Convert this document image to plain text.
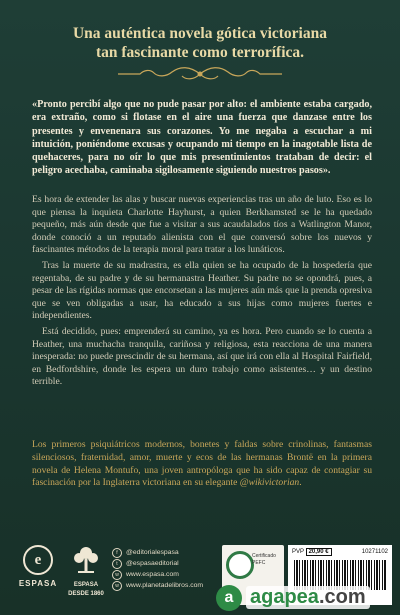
Una auténtica novela gótica victoriana
tan fascinante como terrorífica.
«Pronto percibí algo que no pude pasar por alto: el ambiente estaba cargado, era extraño, como si flotase en el aire una fuerza que danzase entre los presentes y envenenara sus corazones. Yo me negaba a escuchar a mi intuición, poniéndome excusas y ocupando mi tiempo en la inagotable lista de quehaceres, para no oír lo que mis presentimientos trataban de decir: el peligro acechaba, caminaba sigilosamente siguiendo nuestros pasos».

Es hora de extender las alas y buscar nuevas experiencias tras un año de luto. Eso es lo que piensa la inquieta Charlotte Hayhurst, a quien Berkhamsted se le ha quedado pequeño, más aún desde que fue a visitar a sus acaudalados tíos a Watlington Manor, donde conoció a un reputado alienista con el que conversó sobre los nuevos y fascinantes métodos de la terapia moral para tratar a los lunáticos.

Tras la muerte de su madrastra, es ella quien se ha ocupado de la hospedería que regentaba, de su padre y de su hermanastra Heather. Su padre no se opondrá, pues, a pesar de las rígidas normas que encorsetan a las mujeres aún más que la prenda opresiva que se ven obligadas a usar, ha educado a sus hijas como mujeres fuertes e independientes.

Está decidido, pues: emprenderá su camino, ya es hora. Pero cuando se lo cuenta a Heather, una muchacha tranquila, cariñosa y religiosa, esta reacciona de una manera inesperada: no puede prescindir de su hermana, así que irá con ella al Hospital Fairfield, en Bedfordshire, donde les espera un duro trabajo como asistentes… y un destino terrible.

Los primeros psiquiátricos modernos, bonetes y faldas sobre crinolinas, fantasmas silenciosos, fraternidad, amor, muerte y ecos de las hermanas Brontë en la primera novela de Helena Montufo, una joven antropóloga que ha sido capaz de contagiar su fascinación por la Inglaterra victoriana en su elegante @wikivictorian.
e
ESPASA	ESPASA
DESDE 1860
f	@editorialespasa
t	@espasaeditorial
w	www.espasa.com
w	www.planetadelibros.com
Certificado PEFC
PVP 20,90 €	10271102
a agapea.com
